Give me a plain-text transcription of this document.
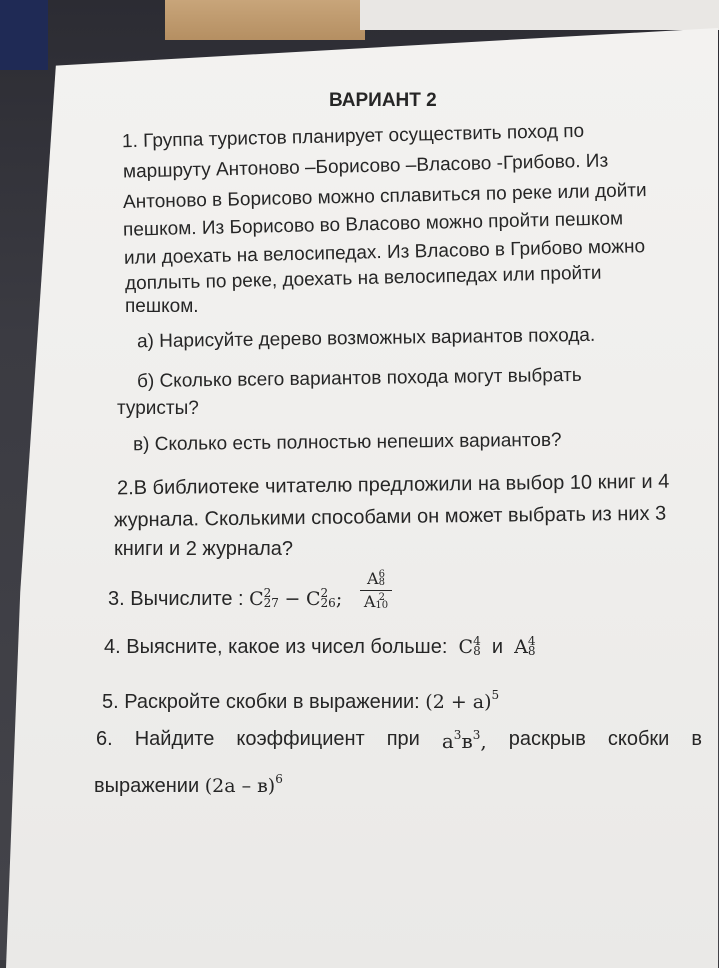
ВАРИАНТ 2
1. Группа туристов планирует осуществить поход по
маршруту Антоново –Борисово –Власово -Грибово. Из
Антоново в Борисово можно сплавиться по реке или дойти
пешком. Из Борисово во Власово можно пройти пешком
или доехать на велосипедах. Из Власово в Грибово можно
доплыть по реке, доехать на велосипедах или пройти
пешком.
а) Нарисуйте дерево возможных вариантов похода.
б) Сколько всего вариантов похода могут выбрать
туристы?
в) Сколько есть полностью непеших вариантов?
2.В библиотеке читателю предложили на выбор 10 книг и 4
журнала. Сколькими способами он может выбрать из них 3
книги и 2 журнала?
3. Вычислите : C 2
27 − C 2
26 ;
A 6
8
A 2
10
4. Выясните, какое из чисел больше: C 4
8 и A 4
8
5. Раскройте скобки в выражении: $(2 + a)^5$
6. Найдите коэффициент при $a^3в^3$, раскрыв скобки в
выражении (2a – в)$^6$
